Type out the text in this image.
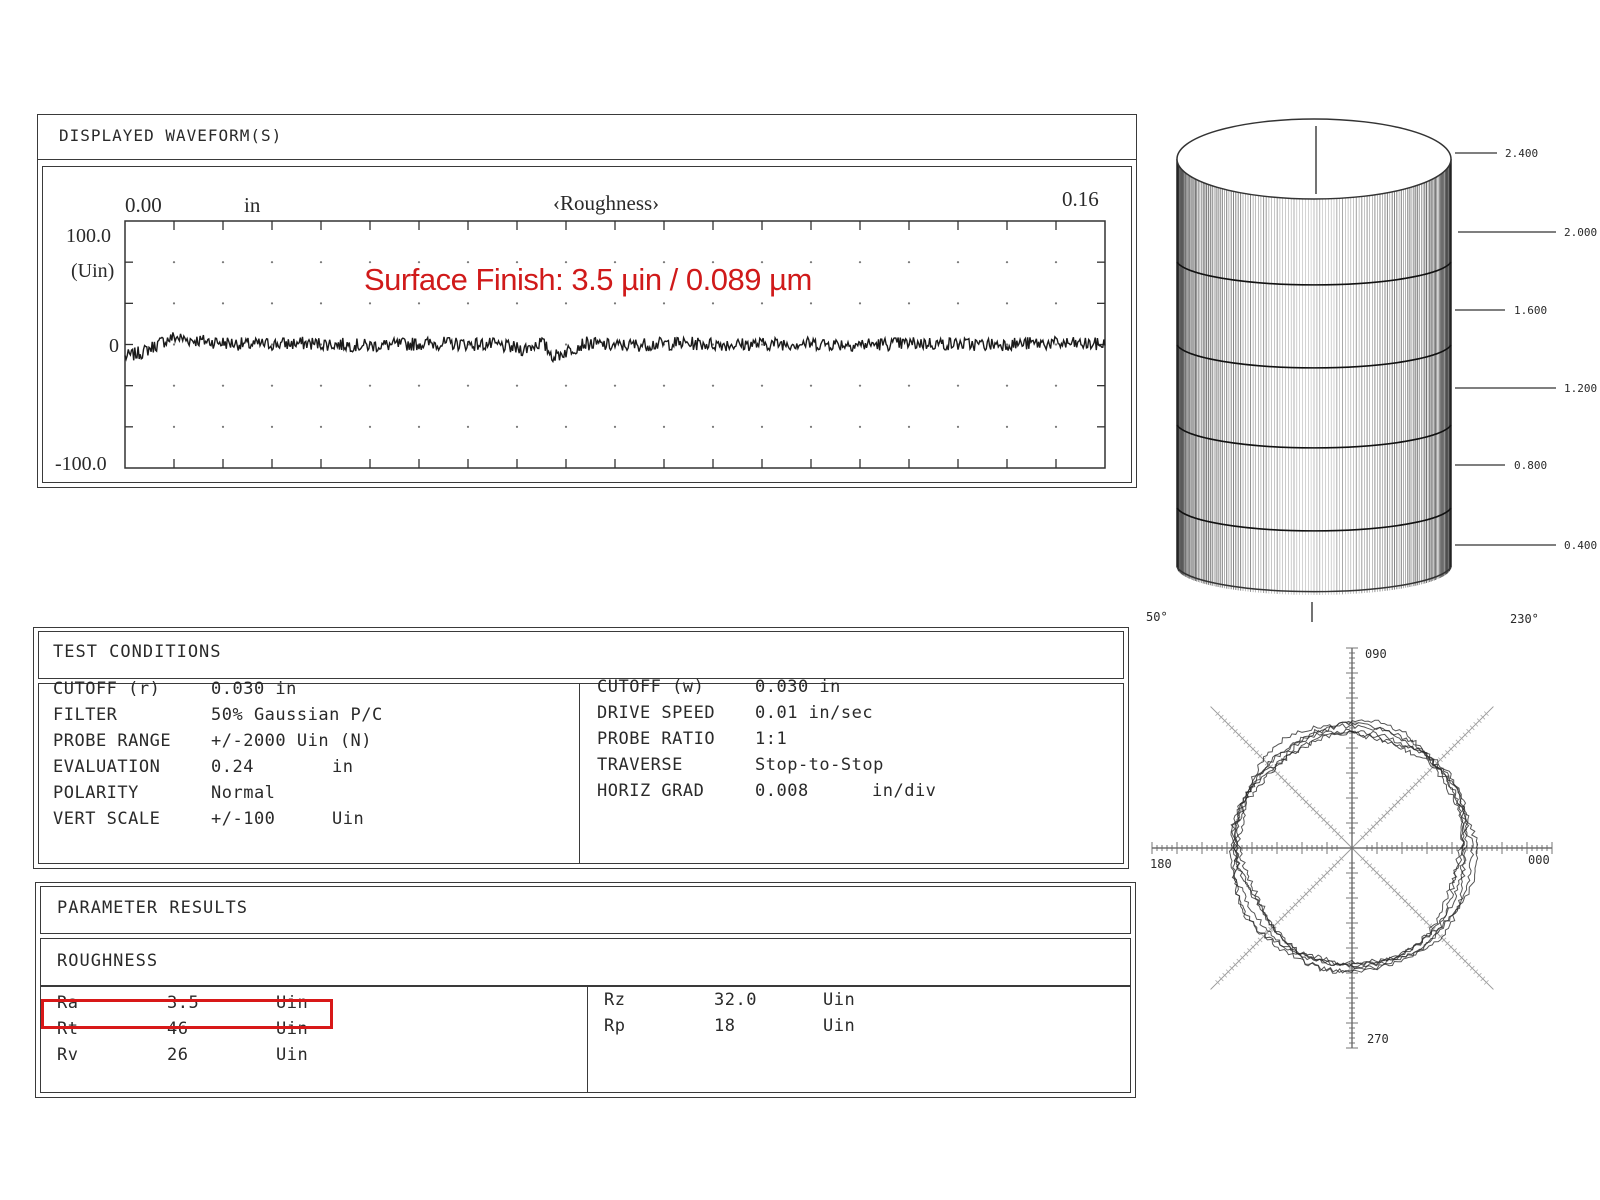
DISPLAYED WAVEFORM(S)
0.00	in	‹Roughness›	0.16
100.0
(Uin)
0
-100.0
2.400
2.000
1.600
1.200
0.800
0.400
50°	230°
090
180	000
270
Surface Finish: 3.5 µin / 0.089 µm
TEST CONDITIONS
CUTOFF (r)	0.030 in
FILTER	50% Gaussian P/C
PROBE RANGE +/-2000 Uin (N)
EVALUATION	0.24	in
POLARITY	Normal
VERT SCALE	+/-100	Uin
CUTOFF (w)	0.030 in
DRIVE SPEED 0.01 in/sec
PROBE RATIO 1:1
TRAVERSE	Stop-to-Stop
HORIZ GRAD	0.008	in/div
PARAMETER RESULTS
ROUGHNESS
Ra	3.5	Uin
Rt	46	Uin
Rv	26	Uin
Rz	32.0	Uin
Rp	18	Uin
